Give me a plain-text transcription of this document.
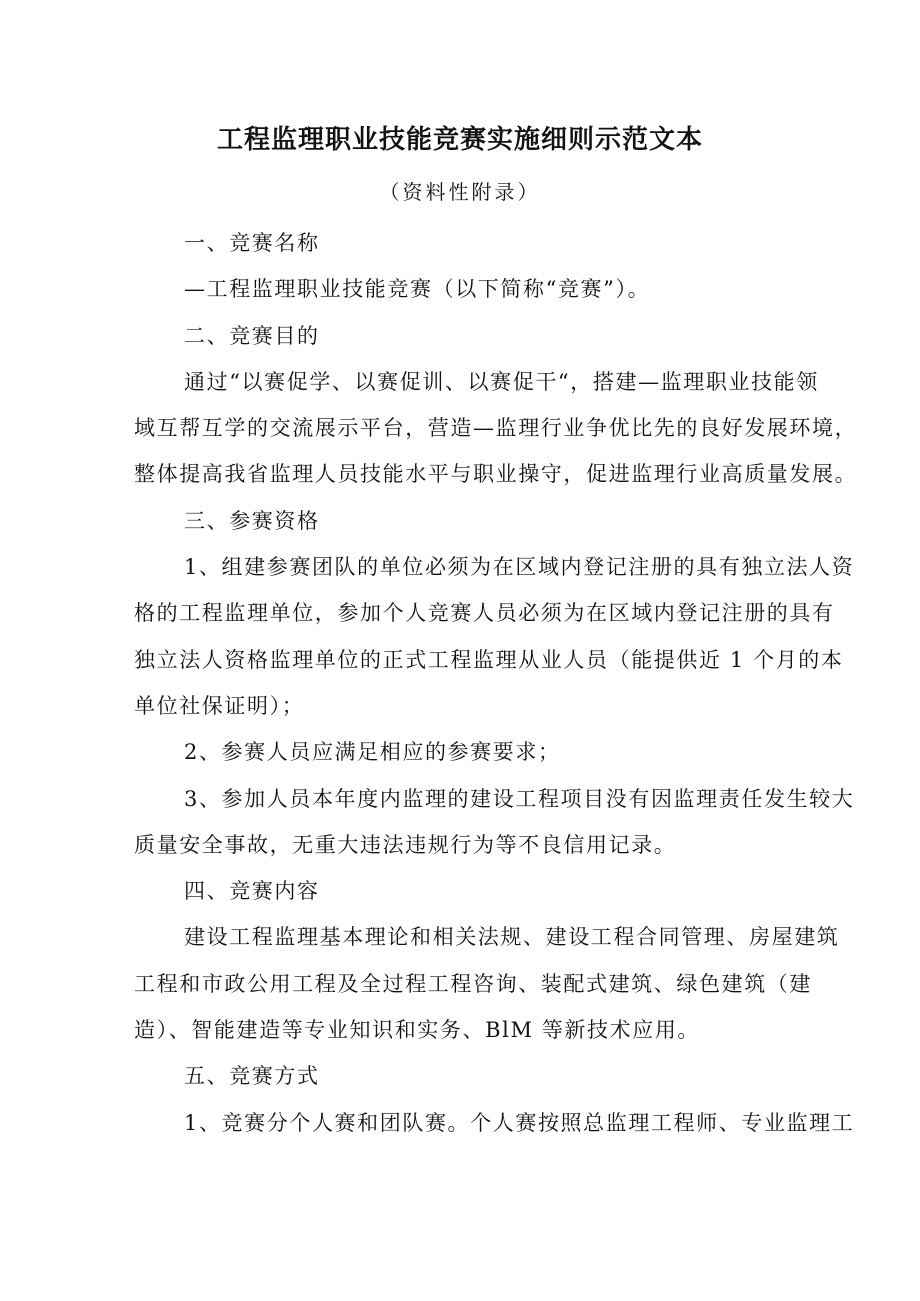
工程监理职业技能竞赛实施细则示范文本
（资料性附录）
一、竞赛名称
—工程监理职业技能竞赛（以下简称“竞赛”）。
二、竞赛目的
通过“以赛促学、以赛促训、以赛促干“，搭建—监理职业技能领
域互帮互学的交流展示平台，营造—监理行业争优比先的良好发展环境，
整体提高我省监理人员技能水平与职业操守，促进监理行业高质量发展。
三、参赛资格
1、组建参赛团队的单位必须为在区域内登记注册的具有独立法人资
格的工程监理单位，参加个人竞赛人员必须为在区域内登记注册的具有
独立法人资格监理单位的正式工程监理从业人员（能提供近 1 个月的本
单位社保证明）；
2、参赛人员应满足相应的参赛要求；
3、参加人员本年度内监理的建设工程项目没有因监理责任发生较大
质量安全事故，无重大违法违规行为等不良信用记录。
四、竞赛内容
建设工程监理基本理论和相关法规、建设工程合同管理、房屋建筑
工程和市政公用工程及全过程工程咨询、装配式建筑、绿色建筑（建
造）、智能建造等专业知识和实务、BlM 等新技术应用。
五、竞赛方式
1、竞赛分个人赛和团队赛。个人赛按照总监理工程师、专业监理工
